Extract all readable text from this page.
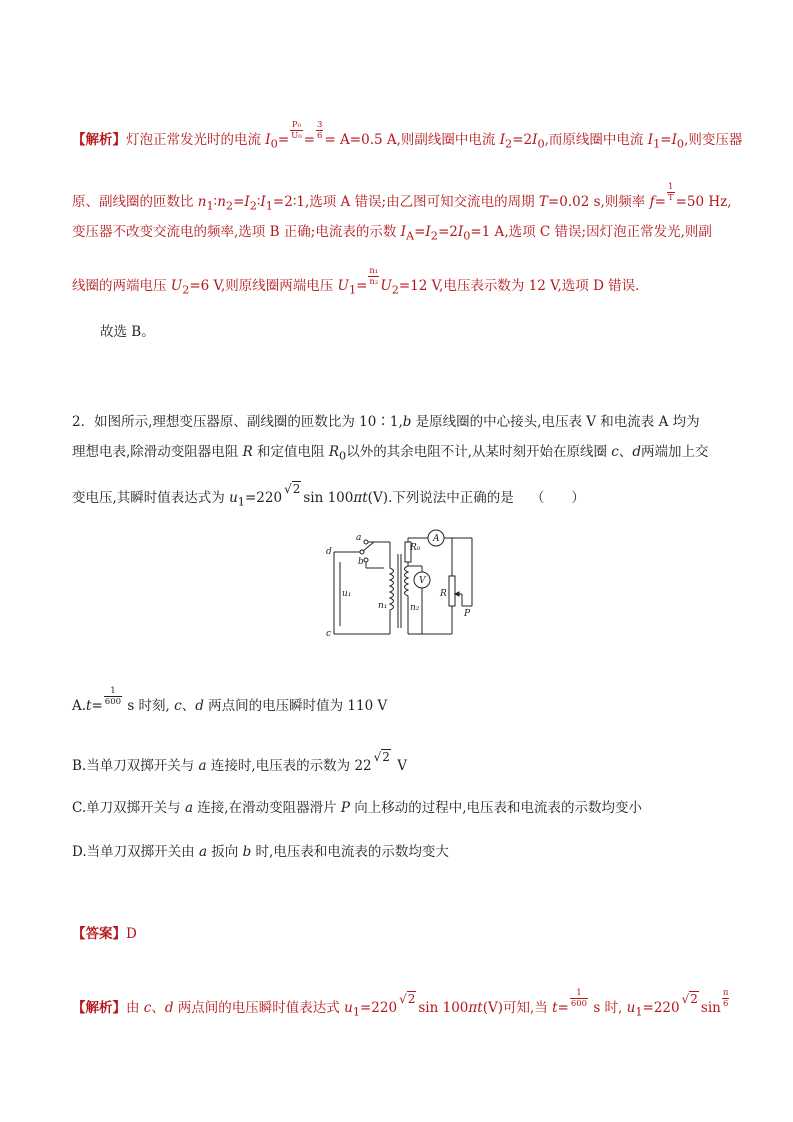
【解析】灯泡正常发光时的电流 $I_0= \frac{\text{P₀}}{\text{U₀}} = \frac{3}{6} = A=0.5$ A,则副线圈中电流 $I_2=2I_0$,而原线圈中电流 $I_1=I_0$,则变压器
原、副线圈的匝数比 $n_1∶n_2=I_2∶I_1=2∶1$,选项 A 错误;由乙图可知交流电的周期 T=0.02 s,则频率 $f= \frac{1}{T} =50$ Hz,
变压器不改变交流电的频率,选项 B 正确;电流表的示数 $I_A=I_2=2I_0=1$ A,选项 C 错误;因灯泡正常发光,则副
线圈的两端电压 $U_2=6$ V,则原线圈两端电压 $U_1= \frac{\text{n₁}}{\text{n₂}} U_2=12$ V,电压表示数为 12 V,选项 D 错误.
故选 B。
2．如图所示,理想变压器原、副线圈的匝数比为 10∶1,b 是原线圈的中心接头,电压表 V 和电流表 A 均为
理想电表,除滑动变阻器电阻 R 和定值电阻 $R_0$以外的其余电阻不计,从某时刻开始在原线圈 c、d两端加上交
变电压,其瞬时值表达式为 $u_1=220√2\sin$ 100πt(V).下列说法中正确的是 （　　）
d
a
b
u₁
c
n₁	n₂
R₀
A
V
R
P
$A.t= \frac{1}{600}$ s 时刻, c、d 两点间的电压瞬时值为 110 V
B.当单刀双掷开关与 a 连接时,电压表的示数为 22√2 V
C.单刀双掷开关与 a 连接,在滑动变阻器滑片 P 向上移动的过程中,电压表和电流表的示数均变小
D.当单刀双掷开关由 a 扳向 b 时,电压表和电流表的示数均变大
【答案】D
【解析】由 c、d 两点间的电压瞬时值表达式 $u_1=220√2\sin$ 100πt(V)可知,当 $t= \frac{1}{600}$ s 时, $u_1=220√2\sin \frac{\pi}{6}$
